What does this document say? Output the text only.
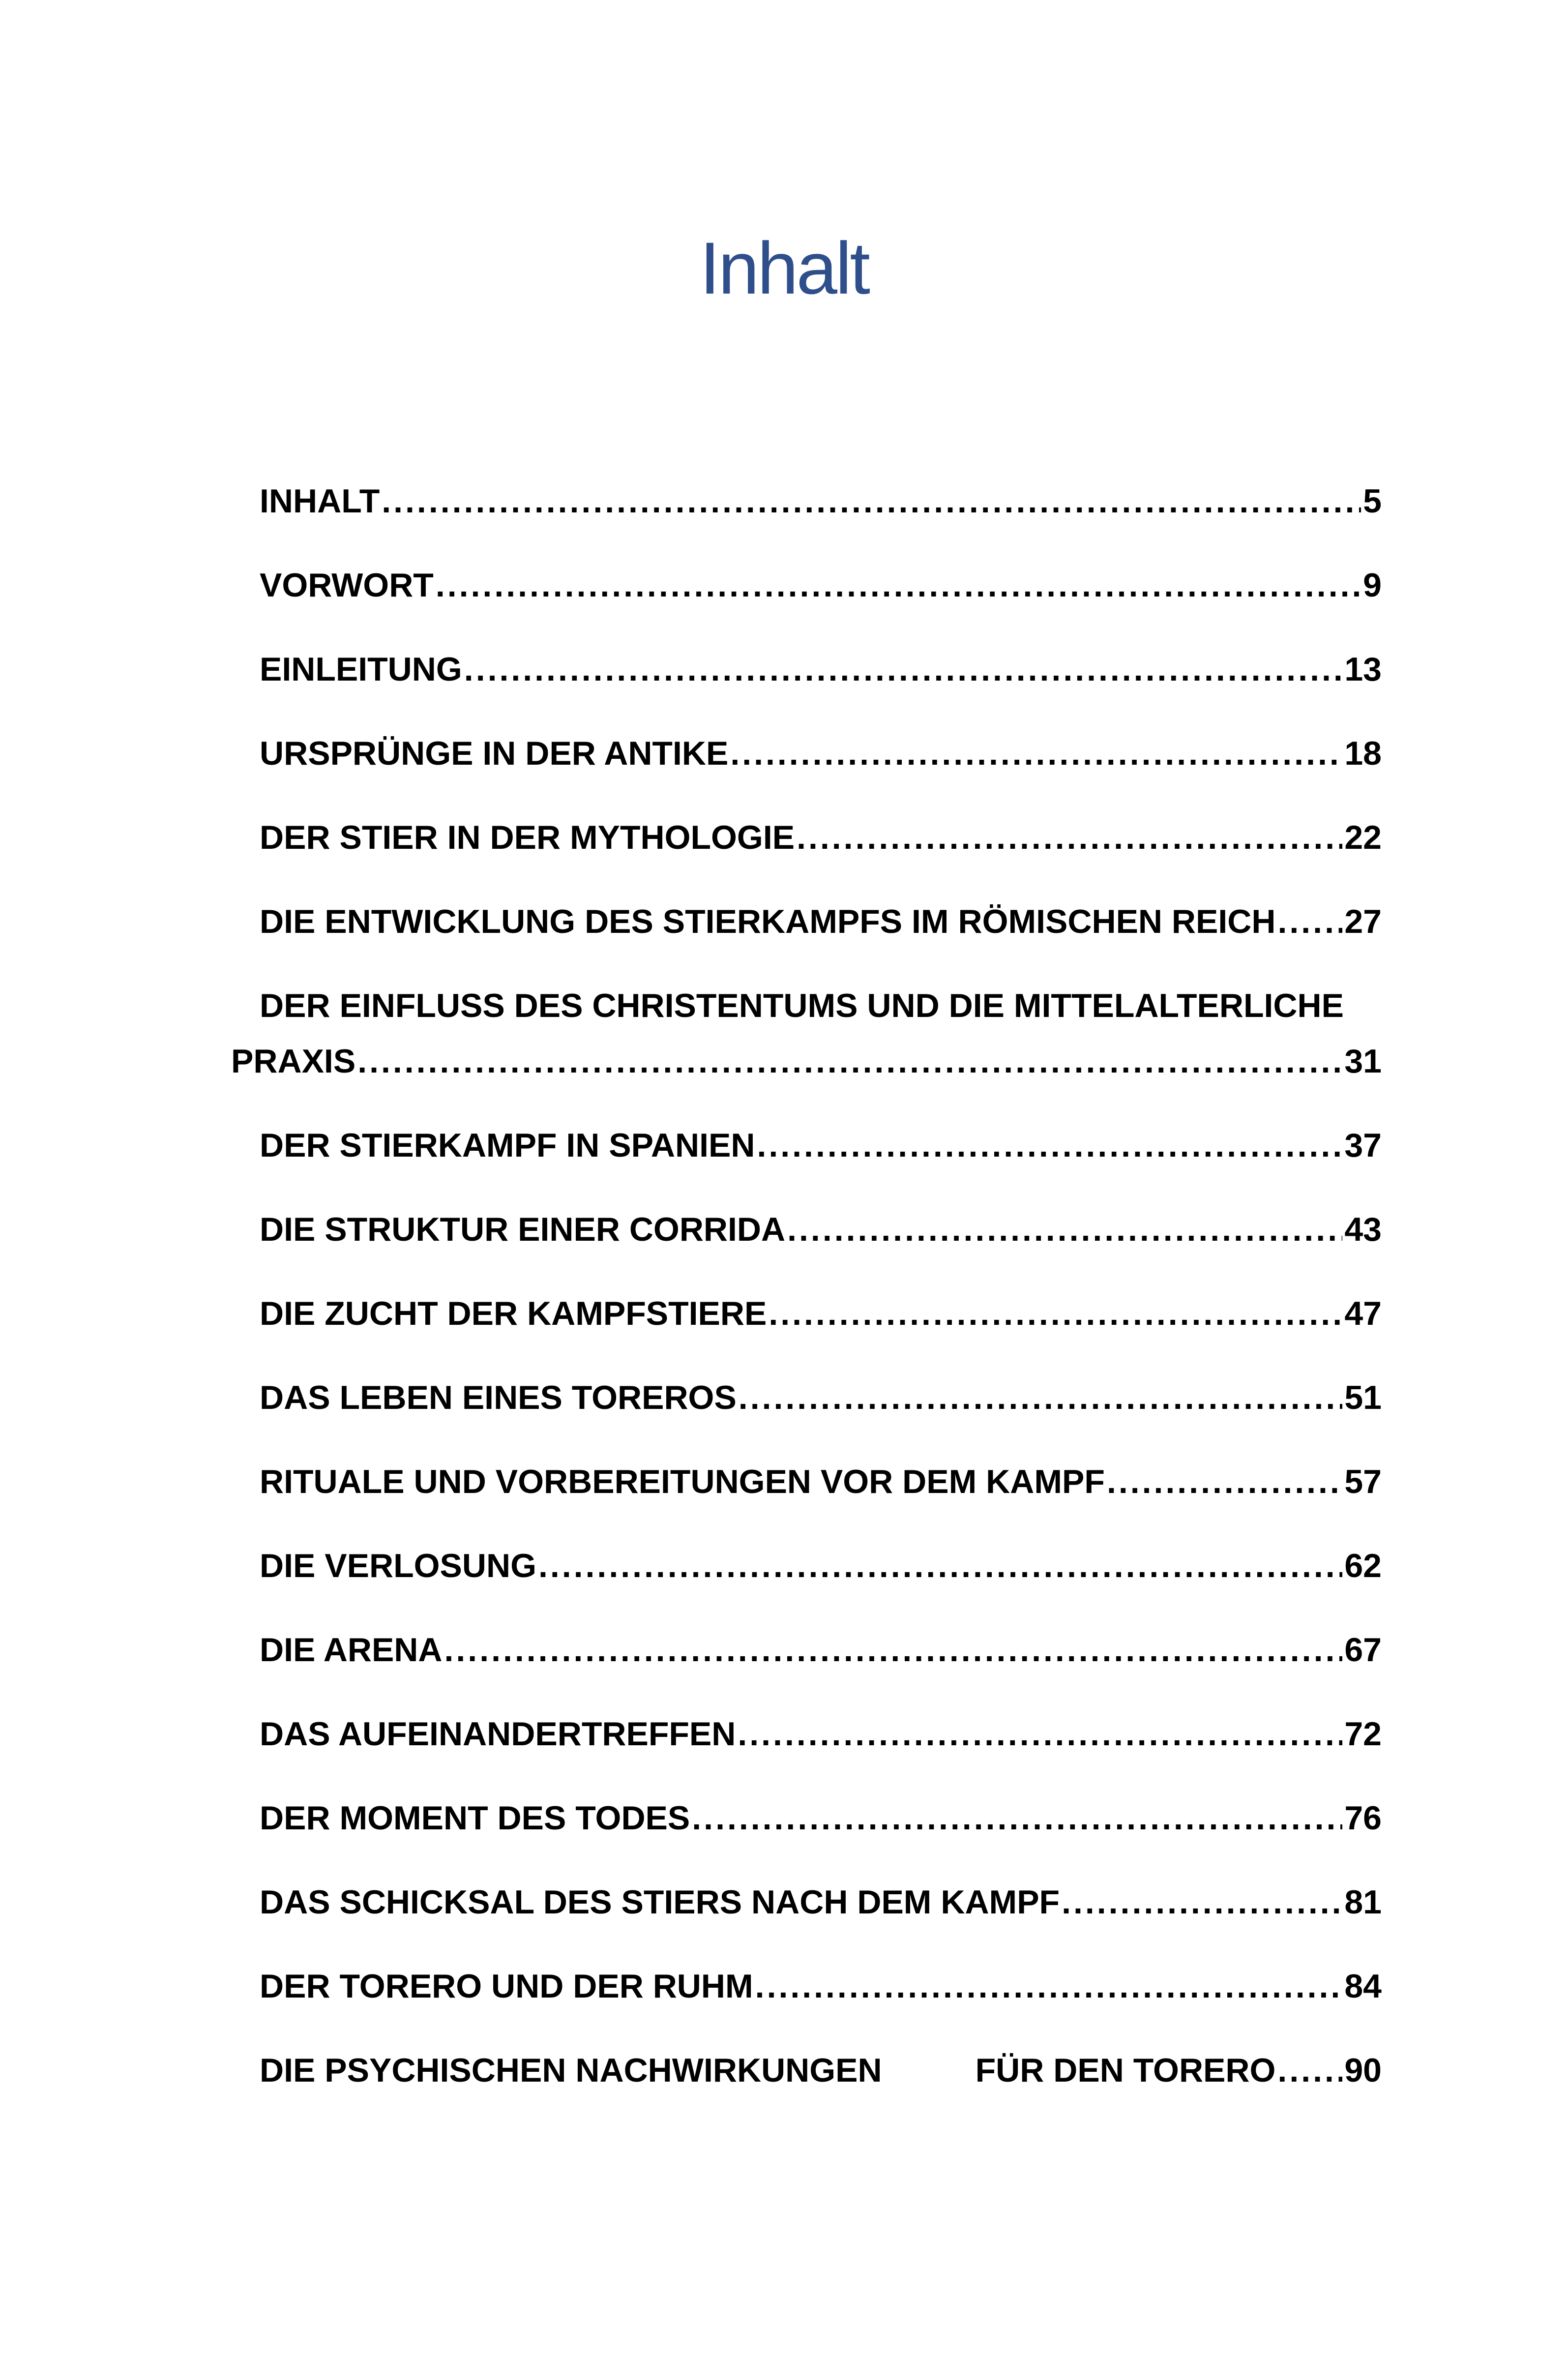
Inhalt
INHALT .....	5
VORWORT .....	9
EINLEITUNG .....	13
URSPRÜNGE IN DER ANTIKE .....	18
DER STIER IN DER MYTHOLOGIE .....	22
DIE ENTWICKLUNG DES STIERKAMPFS IM RÖMISCHEN REICH ..... 27
DER EINFLUSS DES CHRISTENTUMS UND DIE MITTELALTERLICHE
PRAXIS .....	31
DER STIERKAMPF IN SPANIEN .....	37
DIE STRUKTUR EINER CORRIDA .....	43
DIE ZUCHT DER KAMPFSTIERE .....	47
DAS LEBEN EINES TOREROS .....	51
RITUALE UND VORBEREITUNGEN VOR DEM KAMPF .....	57
DIE VERLOSUNG .....	62
DIE ARENA .....	67
DAS AUFEINANDERTREFFEN .....	72
DER MOMENT DES TODES .....	76
DAS SCHICKSAL DES STIERS NACH DEM KAMPF .....	81
DER TORERO UND DER RUHM .....	84
DIE PSYCHISCHEN NACHWIRKUNGEN	FÜR DEN TORERO ..... 90
